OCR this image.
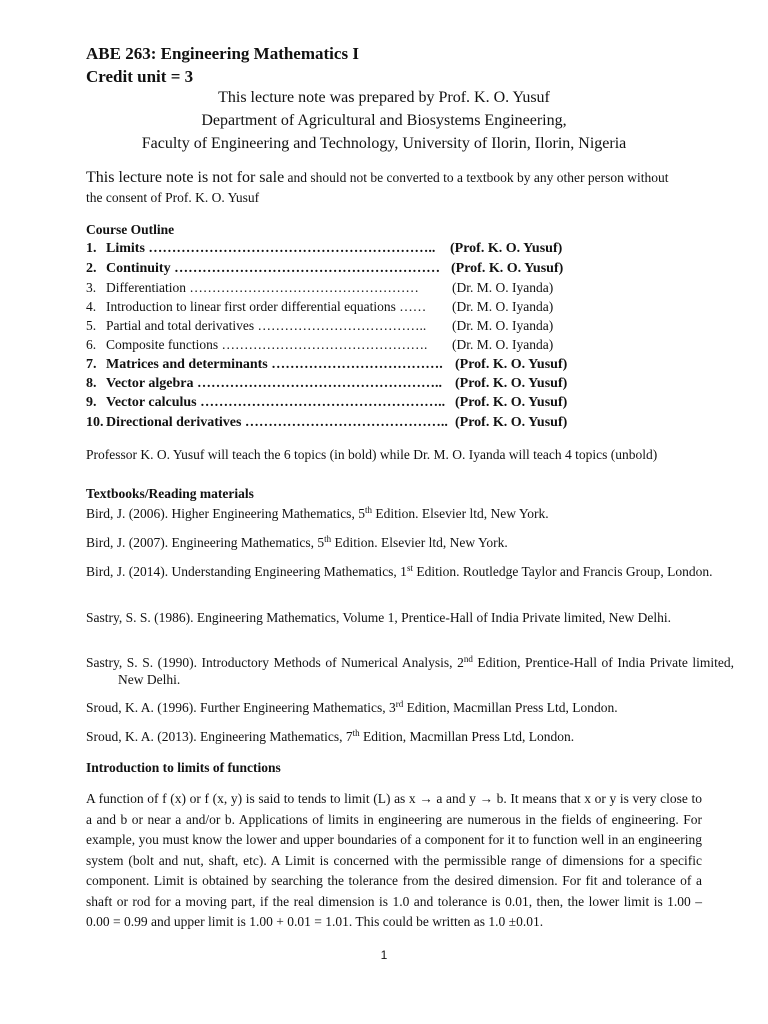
ABE 263: Engineering Mathematics I
Credit unit = 3
This lecture note was prepared by Prof. K. O. Yusuf
Department of Agricultural and Biosystems Engineering,
Faculty of Engineering and Technology, University of Ilorin, Ilorin, Nigeria
This lecture note is not for sale and should not be converted to a textbook by any other person without
the consent of Prof. K. O. Yusuf
Course Outline
1. Limits …………………………………………………….. (Prof. K. O. Yusuf)
2. Continuity ………………………………………………… (Prof. K. O. Yusuf)
3. Differentiation …………………………………………… (Dr. M. O. Iyanda)
4. Introduction to linear first order differential equations …… (Dr. M. O. Iyanda)
5. Partial and total derivatives ……………………………….. (Dr. M. O. Iyanda)
6. Composite functions ………………………………………. (Dr. M. O. Iyanda)
7. Matrices and determinants ………………………………. (Prof. K. O. Yusuf)
8. Vector algebra …………………………………………….. (Prof. K. O. Yusuf)
9. Vector calculus …………………………………………….. (Prof. K. O. Yusuf)
10. Directional derivatives …………………………………….. (Prof. K. O. Yusuf)
Professor K. O. Yusuf will teach the 6 topics (in bold) while Dr. M. O. Iyanda will teach 4 topics (unbold)
Textbooks/Reading materials
Bird, J. (2006). Higher Engineering Mathematics, 5th Edition. Elsevier ltd, New York.
Bird, J. (2007). Engineering Mathematics, 5th Edition. Elsevier ltd, New York.
Bird, J. (2014). Understanding Engineering Mathematics, 1st Edition. Routledge Taylor and Francis Group, London.
Sastry, S. S. (1986). Engineering Mathematics, Volume 1, Prentice-Hall of India Private limited, New Delhi.
Sastry, S. S. (1990). Introductory Methods of Numerical Analysis, 2nd Edition, Prentice-Hall of India Private limited, New Delhi.
Sroud, K. A. (1996). Further Engineering Mathematics, 3rd Edition, Macmillan Press Ltd, London.
Sroud, K. A. (2013). Engineering Mathematics, 7th Edition, Macmillan Press Ltd, London.
Introduction to limits of functions
A function of f (x) or f (x, y) is said to tends to limit (L) as x → a and y → b. It means that x or y is very close to a and b or near a and/or b. Applications of limits in engineering are numerous in the fields of engineering. For example, you must know the lower and upper boundaries of a component for it to function well in an engineering system (bolt and nut, shaft, etc). A Limit is concerned with the permissible range of dimensions for a specific component. Limit is obtained by searching the tolerance from the desired dimension. For fit and tolerance of a shaft or rod for a moving part, if the real dimension is 1.0 and tolerance is 0.01, then, the lower limit is 1.00 – 0.00 = 0.99 and upper limit is 1.00 + 0.01 = 1.01. This could be written as 1.0 ±0.01.
1
